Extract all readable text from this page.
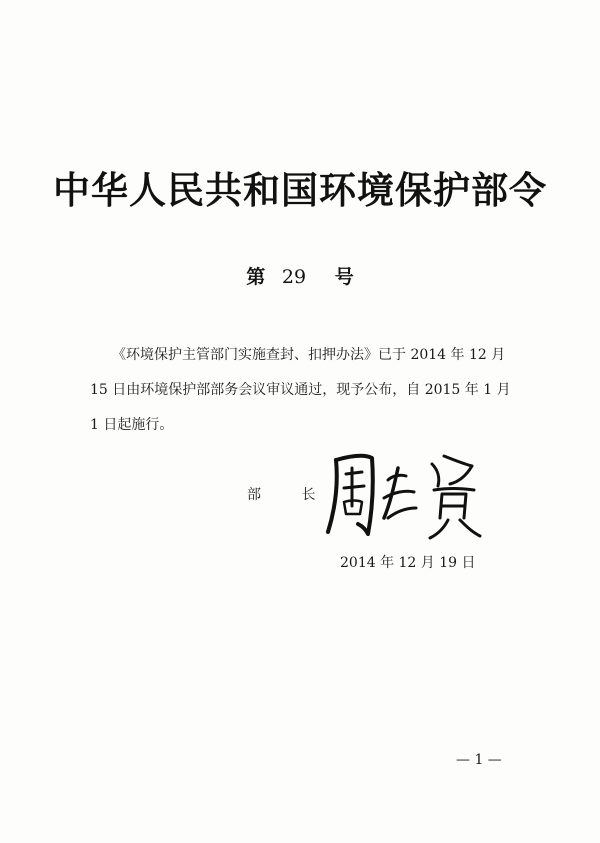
中华人民共和国环境保护部令
第 29 号

《环境保护主管部门实施查封、扣押办法》已于 2014 年 12 月

15 日由环境保护部部务会议审议通过，现予公布，自 2015 年 1 月

1 日起施行。

部 长
2014 年 12 月 19 日
— 1 —
